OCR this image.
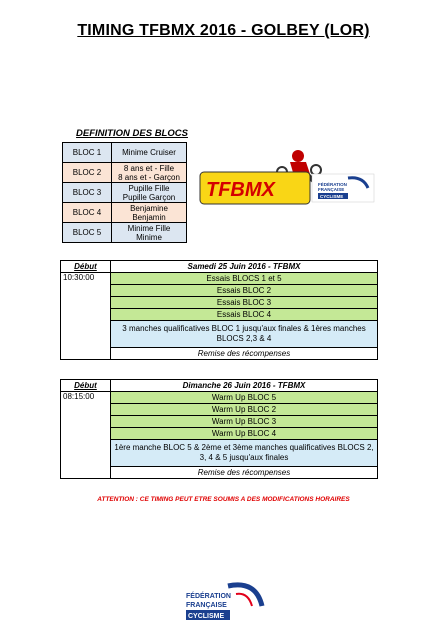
TIMING TFBMX 2016 - GOLBEY (LOR)
DEFINITION DES BLOCS
BLOC 1	Minime Cruiser
BLOC 2	8 ans et - Fille
8 ans et - Garçon
BLOC 3	Pupille Fille
Pupille Garçon
BLOC 4	Benjamine
Benjamin
BLOC 5	Minime Fille
Minime
TFBMX	FÉDÉRATION
FRANÇAISE
CYCLISME
Début	Samedi 25 Juin 2016 - TFBMX
10:30:00	Essais BLOCS 1 et 5
	Essais BLOC 2
	Essais BLOC 3
	Essais BLOC 4
	3 manches qualificatives BLOC 1 jusqu'aux finales & 1ères manches BLOCS 2,3 & 4
	Remise des récompenses
Début	Dimanche 26 Juin 2016 - TFBMX
08:15:00	Warm Up BLOC 5
	Warm Up BLOC 2
	Warm Up BLOC 3
	Warm Up BLOC 4
	1ère manche BLOC 5 & 2ème et 3ème manches qualificatives BLOCS 2, 3, 4 & 5 jusqu'aux finales
	Remise des récompenses
ATTENTION : CE TIMING PEUT ETRE SOUMIS A DES MODIFICATIONS HORAIRES
FÉDÉRATION
FRANÇAISE
CYCLISME
